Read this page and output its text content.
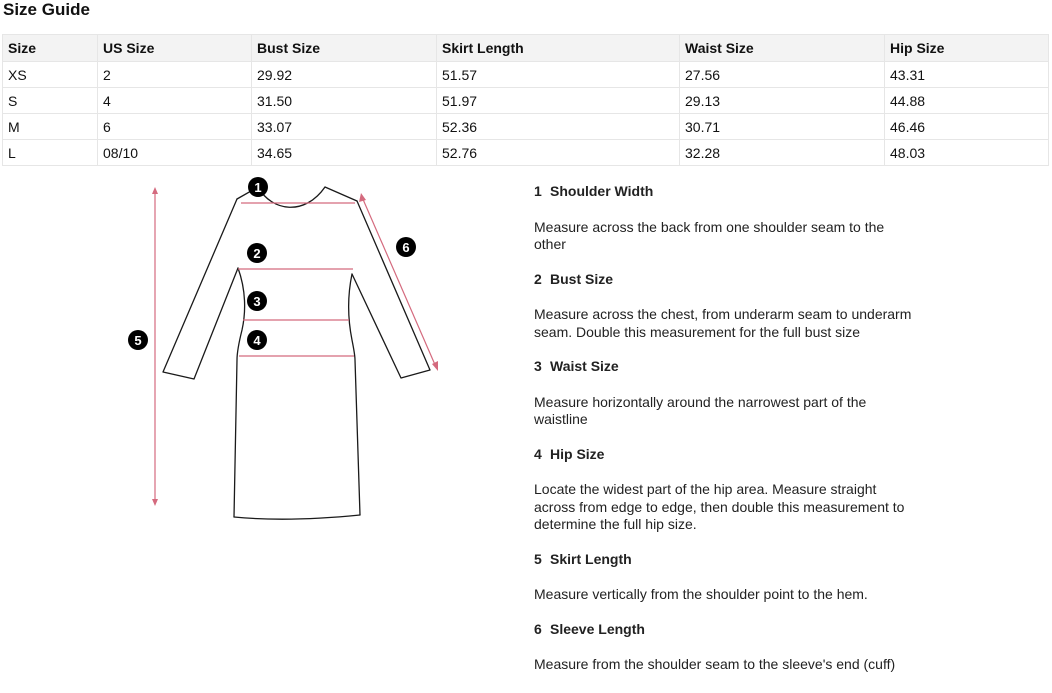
Size Guide
Size	US Size	Bust Size	Skirt Length	Waist Size	Hip Size
XS	2	29.92	51.57	27.56	43.31
S	4	31.50	51.97	29.13	44.88
M	6	33.07	52.36	30.71	46.46
L	08/10	34.65	52.76	32.28	48.03
1
2
3
4
5
6

1 Shoulder Width

Measure across the back from one shoulder seam to the other

2 Bust Size

Measure across the chest, from underarm seam to underarm seam. Double this measurement for the full bust size

3 Waist Size

Measure horizontally around the narrowest part of the waistline

4 Hip Size

Locate the widest part of the hip area. Measure straight across from edge to edge, then double this measurement to determine the full hip size.

5 Skirt Length

Measure vertically from the shoulder point to the hem.

6 Sleeve Length

Measure from the shoulder seam to the sleeve's end (cuff)
